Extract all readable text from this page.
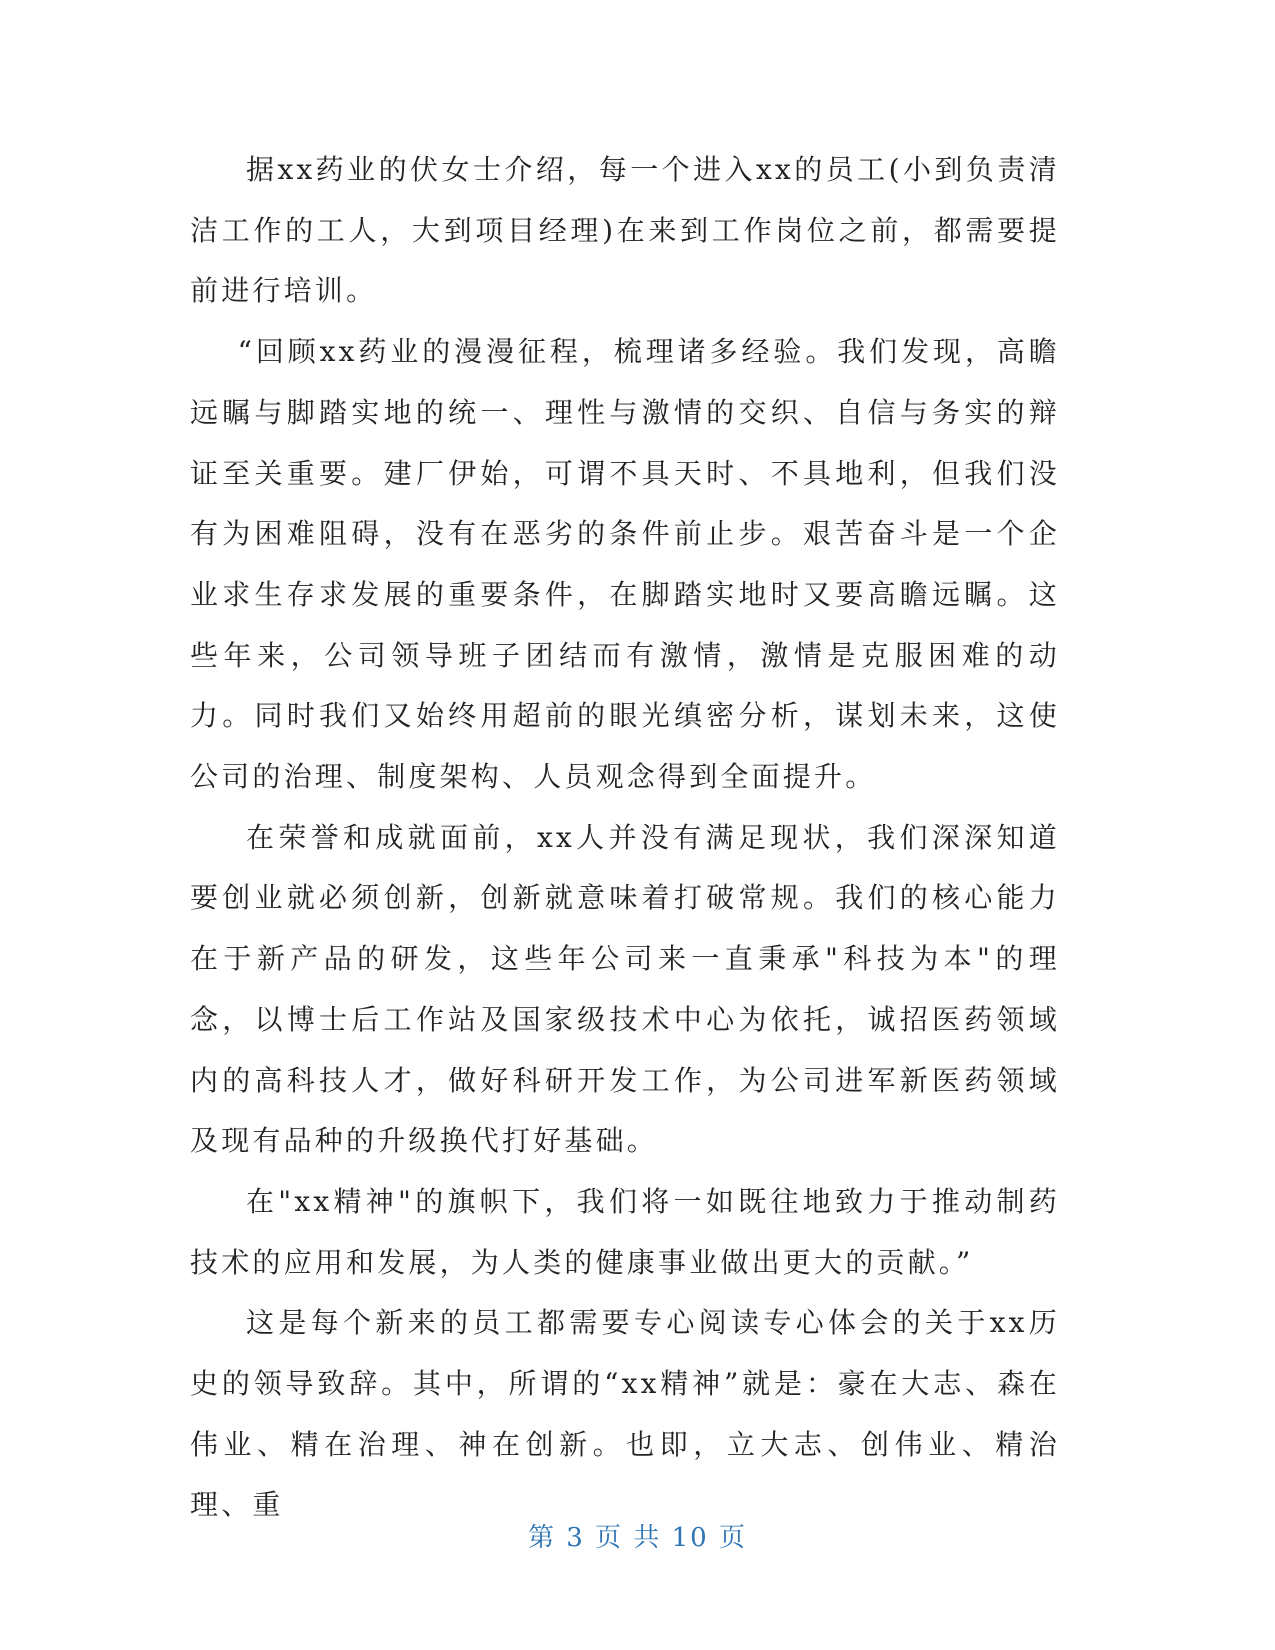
据xx药业的伏女士介绍，每一个进入xx的员工(小到负责清洁工作的工人，大到项目经理)在来到工作岗位之前，都需要提前进行培训。

“回顾xx药业的漫漫征程，梳理诸多经验。我们发现，高瞻远瞩与脚踏实地的统一、理性与激情的交织、自信与务实的辩证至关重要。建厂伊始，可谓不具天时、不具地利，但我们没有为困难阻碍，没有在恶劣的条件前止步。艰苦奋斗是一个企业求生存求发展的重要条件，在脚踏实地时又要高瞻远瞩。这些年来，公司领导班子团结而有激情，激情是克服困难的动力。同时我们又始终用超前的眼光缜密分析，谋划未来，这使公司的治理、制度架构、人员观念得到全面提升。

在荣誉和成就面前，xx人并没有满足现状，我们深深知道要创业就必须创新，创新就意味着打破常规。我们的核心能力在于新产品的研发，这些年公司来一直秉承"科技为本"的理念，以博士后工作站及国家级技术中心为依托，诚招医药领域内的高科技人才，做好科研开发工作，为公司进军新医药领域及现有品种的升级换代打好基础。

在"xx精神"的旗帜下，我们将一如既往地致力于推动制药技术的应用和发展，为人类的健康事业做出更大的贡献。”

这是每个新来的员工都需要专心阅读专心体会的关于xx历史的领导致辞。其中，所谓的“xx精神”就是：豪在大志、森在伟业、精在治理、神在创新。也即，立大志、创伟业、精治理、重

第 3 页 共 10 页
